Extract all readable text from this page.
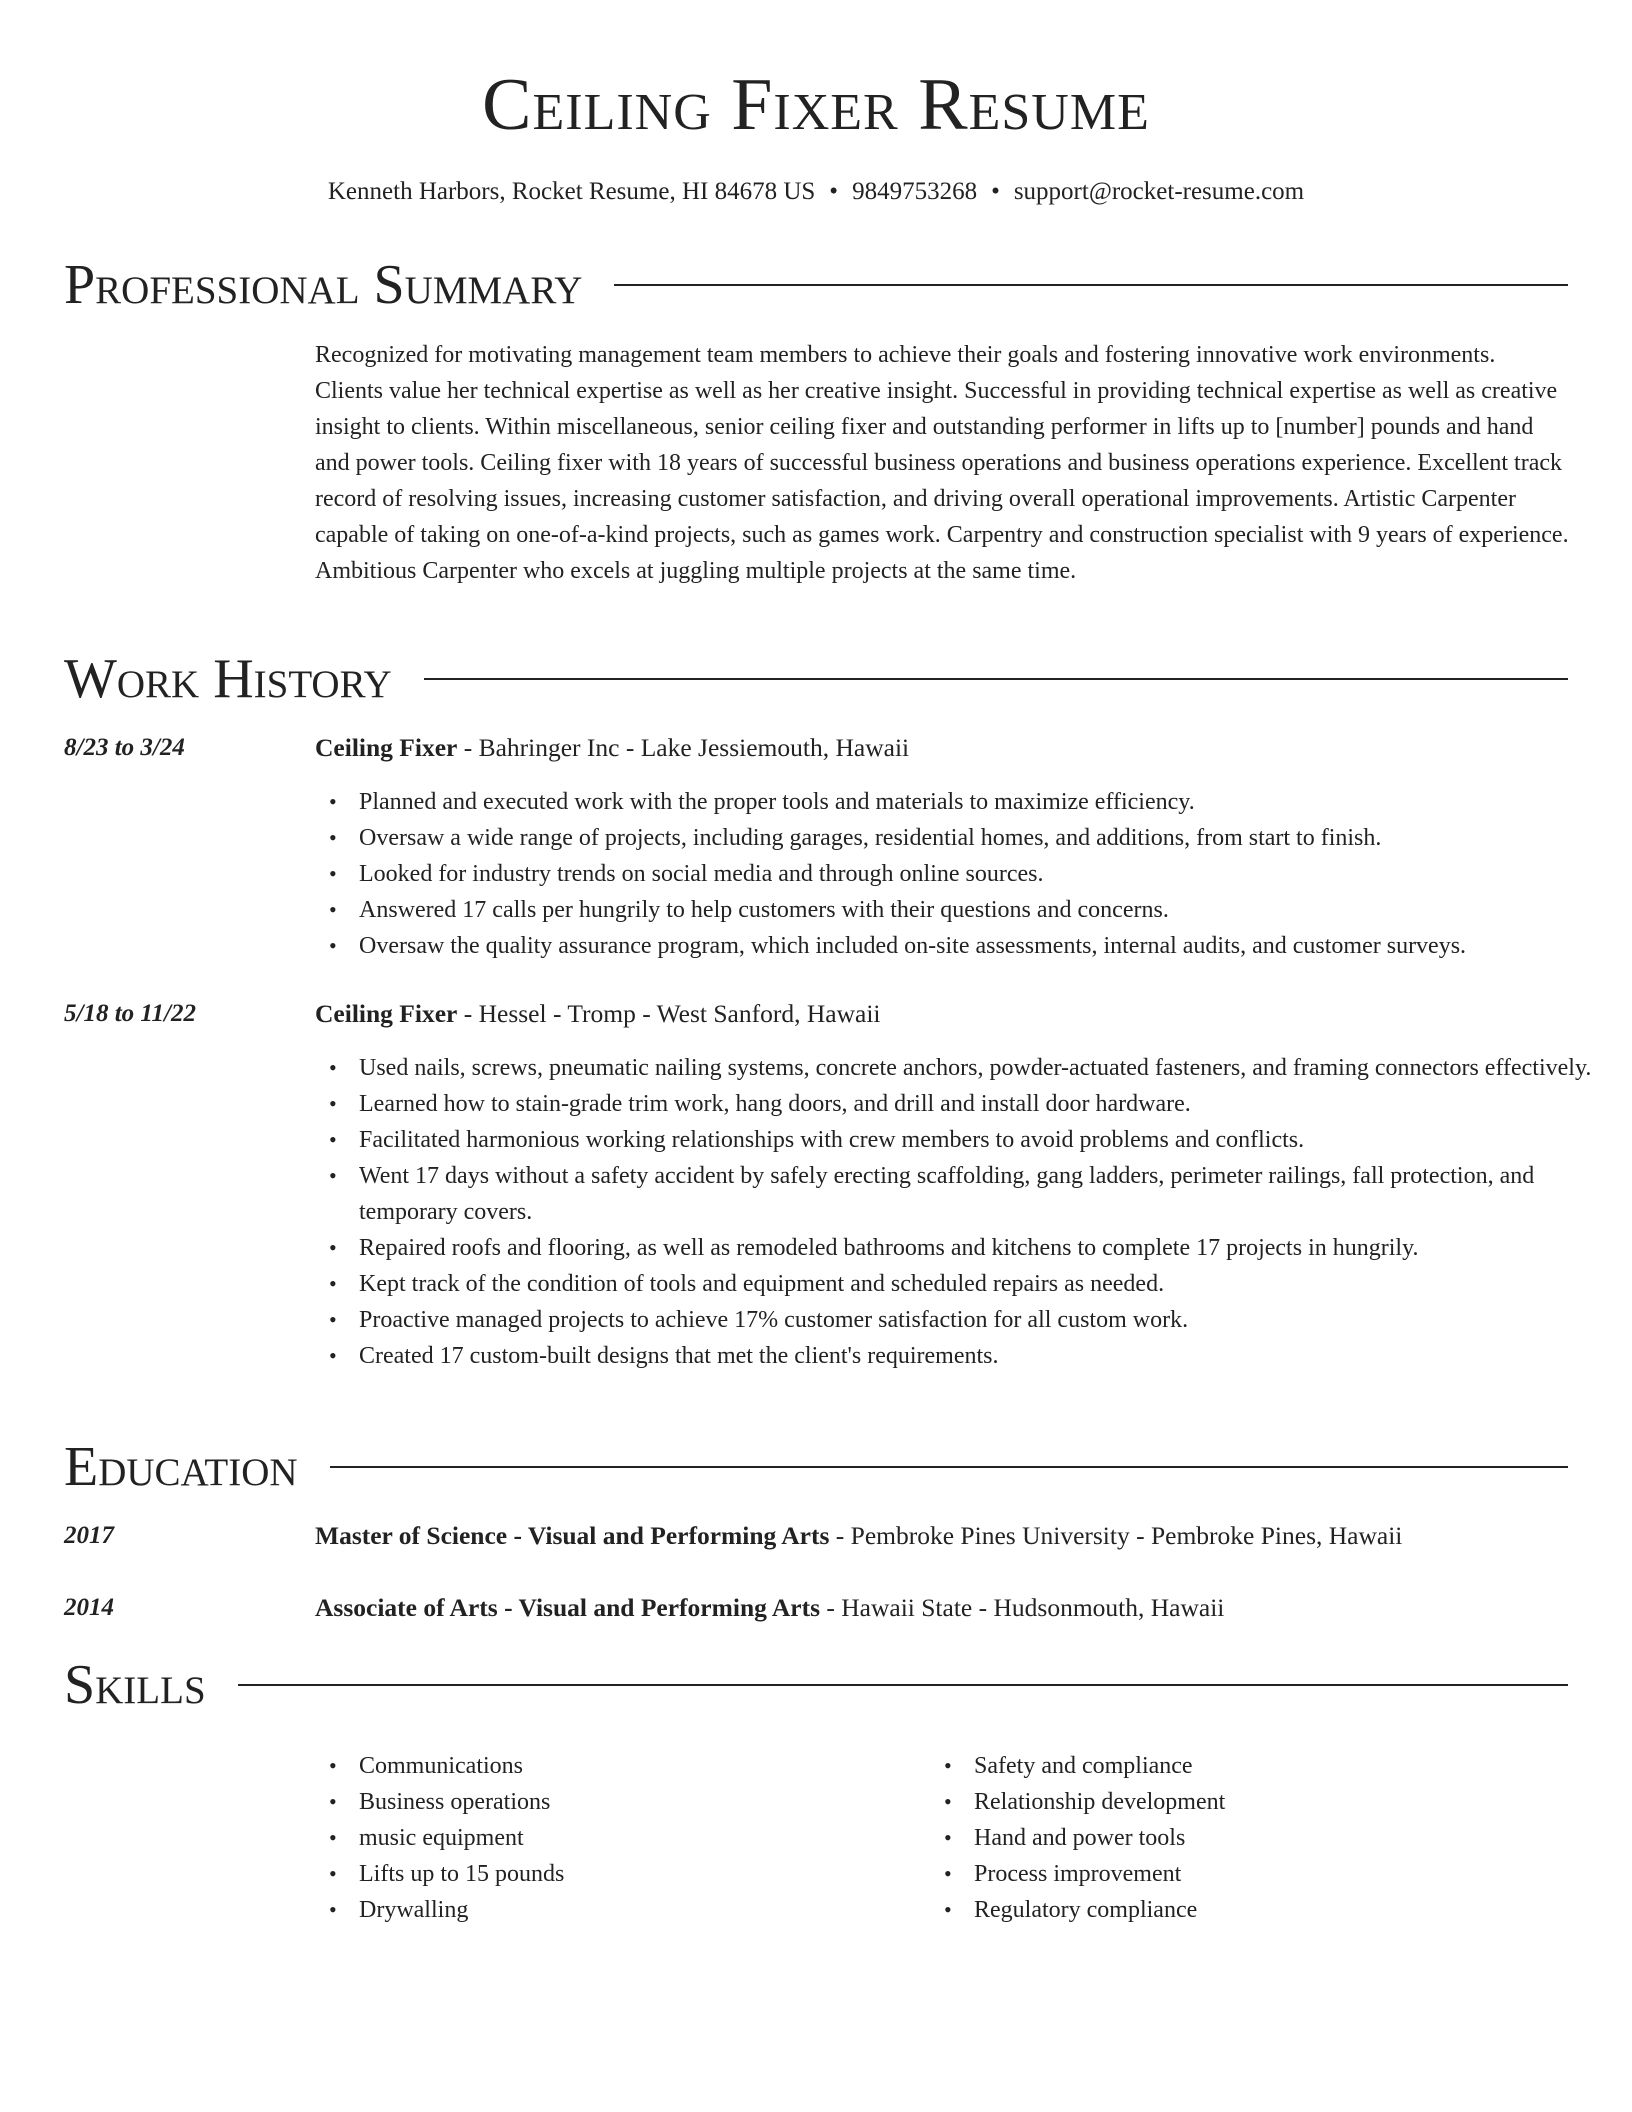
Ceiling Fixer Resume
Kenneth Harbors, Rocket Resume, HI 84678 US • 9849753268 • support@rocket-resume.com
Professional Summary
Recognized for motivating management team members to achieve their goals and fostering innovative work environments. Clients value her technical expertise as well as her creative insight. Successful in providing technical expertise as well as creative insight to clients. Within miscellaneous, senior ceiling fixer and outstanding performer in lifts up to [number] pounds and hand and power tools. Ceiling fixer with 18 years of successful business operations and business operations experience. Excellent track record of resolving issues, increasing customer satisfaction, and driving overall operational improvements. Artistic Carpenter capable of taking on one-of-a-kind projects, such as games work. Carpentry and construction specialist with 9 years of experience. Ambitious Carpenter who excels at juggling multiple projects at the same time.
Work History
8/23 to 3/24	Ceiling Fixer - Bahringer Inc - Lake Jessiemouth, Hawaii
• Planned and executed work with the proper tools and materials to maximize efficiency.
• Oversaw a wide range of projects, including garages, residential homes, and additions, from start to finish.
• Looked for industry trends on social media and through online sources.
• Answered 17 calls per hungrily to help customers with their questions and concerns.
• Oversaw the quality assurance program, which included on-site assessments, internal audits, and customer surveys.
5/18 to 11/22	Ceiling Fixer - Hessel - Tromp - West Sanford, Hawaii
• Used nails, screws, pneumatic nailing systems, concrete anchors, powder-actuated fasteners, and framing connectors effectively.
• Learned how to stain-grade trim work, hang doors, and drill and install door hardware.
• Facilitated harmonious working relationships with crew members to avoid problems and conflicts.
• Went 17 days without a safety accident by safely erecting scaffolding, gang ladders, perimeter railings, fall protection, and temporary covers.
• Repaired roofs and flooring, as well as remodeled bathrooms and kitchens to complete 17 projects in hungrily.
• Kept track of the condition of tools and equipment and scheduled repairs as needed.
• Proactive managed projects to achieve 17% customer satisfaction for all custom work.
• Created 17 custom-built designs that met the client's requirements.
Education
2017	Master of Science - Visual and Performing Arts - Pembroke Pines University - Pembroke Pines, Hawaii
2014	Associate of Arts - Visual and Performing Arts - Hawaii State - Hudsonmouth, Hawaii
Skills
• Communications
• Business operations
• music equipment
• Lifts up to 15 pounds
• Drywalling
• Safety and compliance
• Relationship development
• Hand and power tools
• Process improvement
• Regulatory compliance
